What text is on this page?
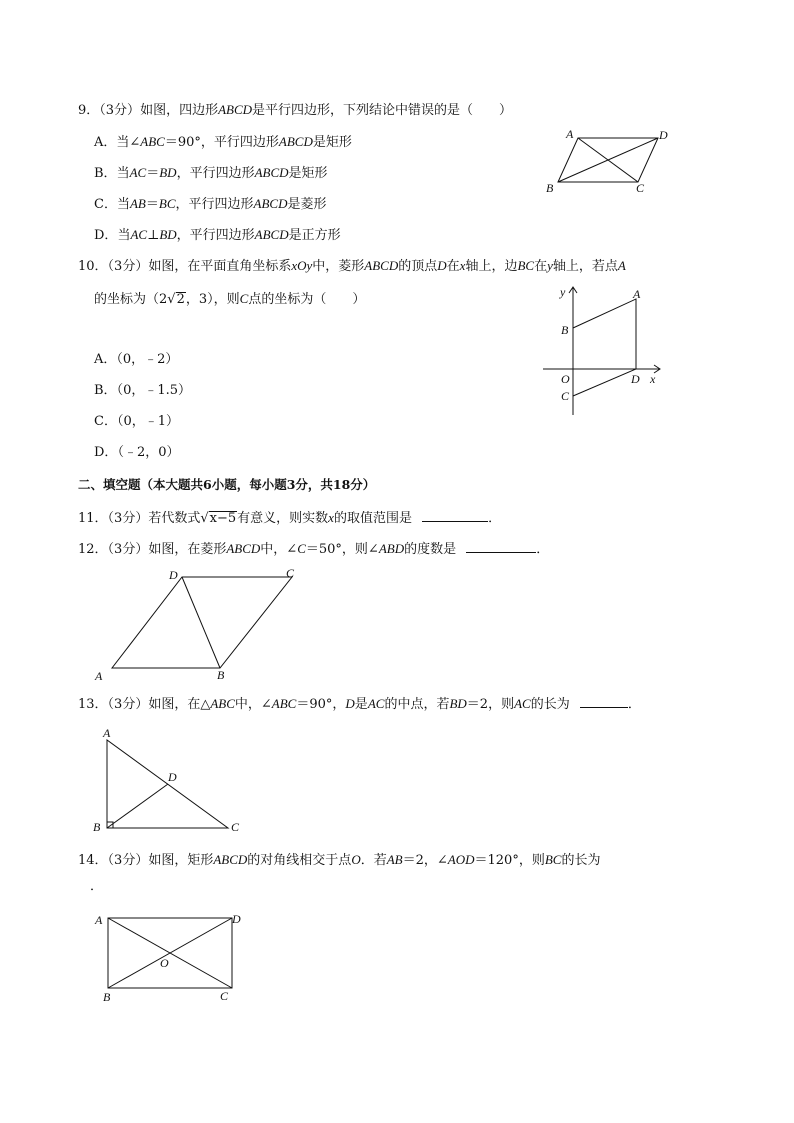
9．（3分）如图，四边形ABCD是平行四边形，下列结论中错误的是（　　）
A．当∠ABC＝90°，平行四边形ABCD是矩形
B．当AC＝BD，平行四边形ABCD是矩形
C．当AB＝BC，平行四边形ABCD是菱形
D．当AC⊥BD，平行四边形ABCD是正方形
A	D
B	C
10．（3分）如图，在平面直角坐标系xOy中，菱形ABCD的顶点D在x轴上，边BC在y轴上，若点A
的坐标为（2√2，3），则C点的坐标为（　　）
A．（0，﹣2）
B．（0，﹣1.5）
C．（0，﹣1）
D．（﹣2，0）
y	A
B
O	D x
C
二、填空题（本大题共6小题，每小题3分，共18分）
11．（3分）若代数式√x−5有意义，则实数x的取值范围是	．
12．（3分）如图，在菱形ABCD中，∠C＝50°，则∠ABD的度数是	．
D	C
A	B
13．（3分）如图，在△ABC中，∠ABC＝90°，D是AC的中点，若BD＝2，则AC的长为	．
A
D
B	C
14．（3分）如图，矩形ABCD的对角线相交于点O．若AB＝2，∠AOD＝120°，则BC的长为
．
A	D
O
B	C
